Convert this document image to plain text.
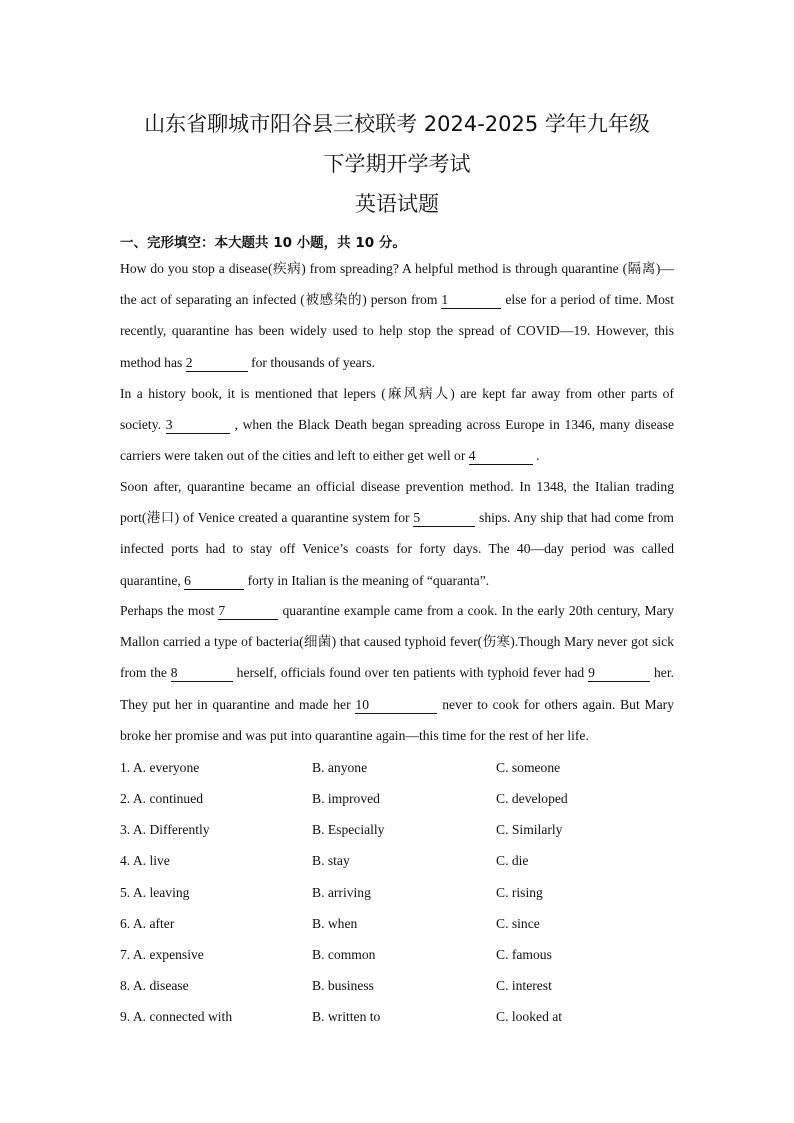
山东省聊城市阳谷县三校联考 2024-2025 学年九年级
下学期开学考试
英语试题
一、完形填空：本大题共 10 小题，共 10 分。
How do you stop a disease(疾病) from spreading? A helpful method is through quarantine (隔离)—the act of separating an infected (被感染的) person from 1	else for a period of time. Most recently, quarantine has been widely used to help stop the spread of COVID—19. However, this method has 2	for thousands of years.
In a history book, it is mentioned that lepers (麻风病人) are kept far away from other parts of society. 3	, when the Black Death began spreading across Europe in 1346, many disease carriers were taken out of the cities and left to either get well or 4	.
Soon after, quarantine became an official disease prevention method. In 1348, the Italian trading port(港口) of Venice created a quarantine system for 5	ships. Any ship that had come from infected ports had to stay off Venice’s coasts for forty days. The 40—day period was called quarantine, 6	forty in Italian is the meaning of “quaranta”.
Perhaps the most 7	quarantine example came from a cook. In the early 20th century, Mary Mallon carried a type of bacteria(细菌) that caused typhoid fever(伤寒).Though Mary never got sick from the 8	herself, officials found over ten patients with typhoid fever had 9	her. They put her in quarantine and made her 10	never to cook for others again. But Mary broke her promise and was put into quarantine again—this time for the rest of her life.
1. A. everyone	B. anyone	C. someone
2. A. continued	B. improved	C. developed
3. A. Differently	B. Especially	C. Similarly
4. A. live	B. stay	C. die
5. A. leaving	B. arriving	C. rising
6. A. after	B. when	C. since
7. A. expensive	B. common	C. famous
8. A. disease	B. business	C. interest
9. A. connected with	B. written to	C. looked at
